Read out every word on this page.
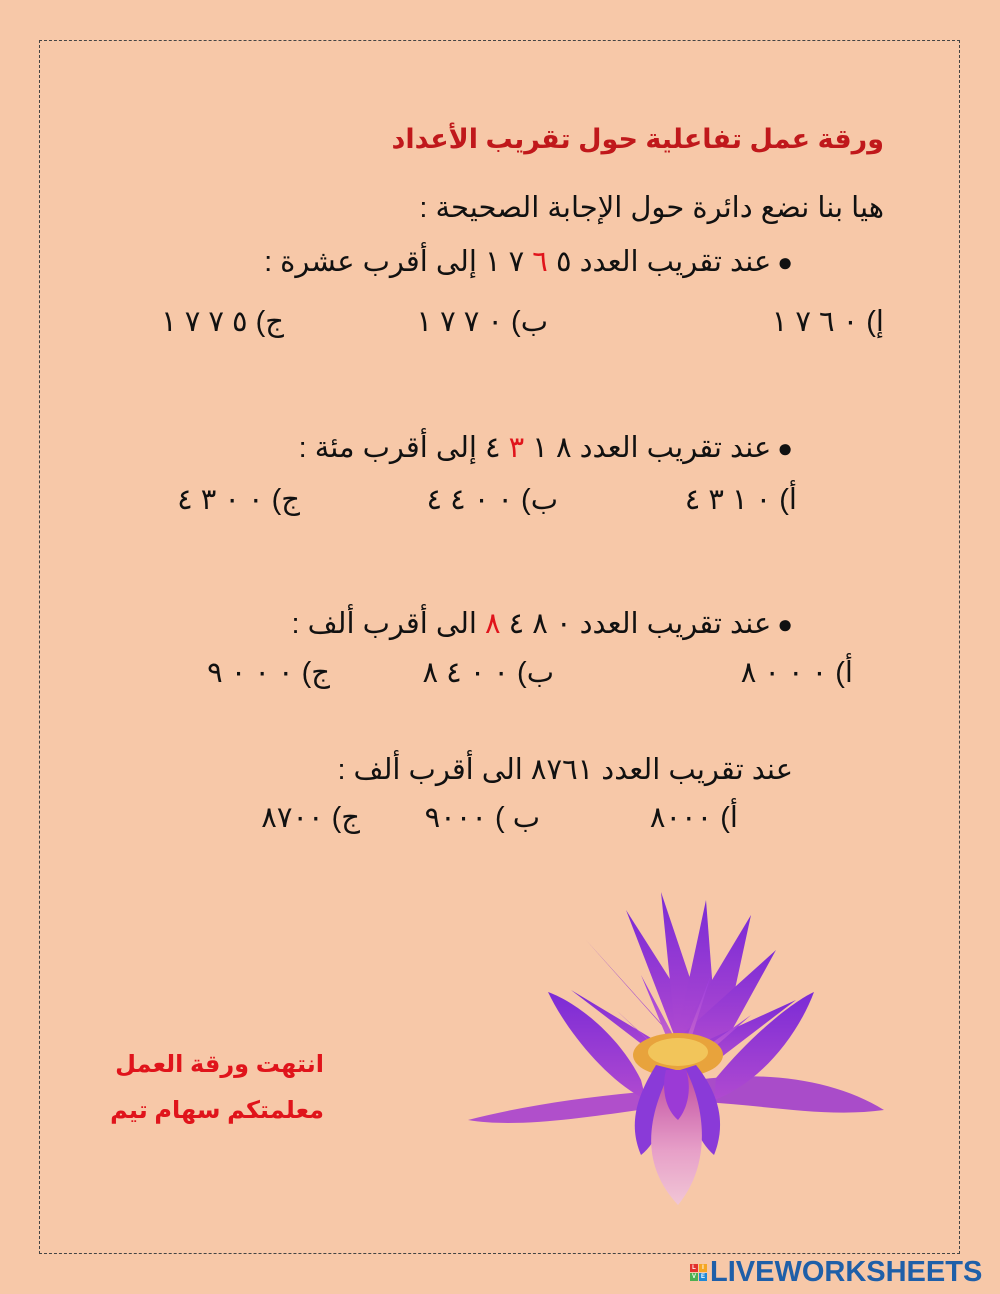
ورقة عمل تفاعلية حول تقريب الأعداد
هيا بنا نضع دائرة حول الإجابة الصحيحة :
●عند تقريب العدد ٥ ٦ ٧ ١ إلى أقرب عشرة :
إ) ٠ ٦ ٧ ١
ب) ٠ ٧ ٧ ١
ج) ٥ ٧ ٧ ١
●عند تقريب العدد ٨ ١ ٣ ٤ إلى أقرب مئة :
أ) ٠ ١ ٣ ٤
ب) ٠ ٠ ٤ ٤
ج) ٠ ٠ ٣ ٤
●عند تقريب العدد ٠ ٨ ٤ ٨ الى أقرب ألف :
أ) ٠ ٠ ٠ ٨
ب) ٠ ٠ ٤ ٨
ج) ٠ ٠ ٠ ٩
عند تقريب العدد ٨٧٦١ الى أقرب ألف :
أ) ٨٠٠٠
ب ) ٩٠٠٠
ج) ٨٧٠٠
انتهت ورقة العمل
معلمتكم سهام تيم
L	I
V E LIVEWORKSHEETS
